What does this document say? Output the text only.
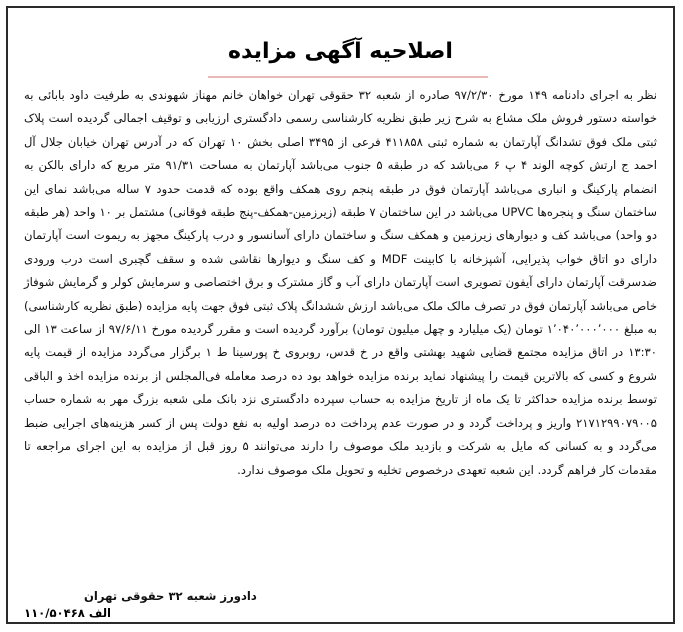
اصلاحیه آگهی مزایده
نظر به اجرای دادنامه ۱۴۹ مورخ ۹۷/۲/۳۰ صادره از شعبه ۳۲ حقوقی تهران خواهان خانم مهناز شهوندی به طرفیت داود بابائی به خواسته دستور فروش ملک مشاع به شرح زیر طبق نظریه کارشناسی رسمی دادگستری ارزیابی و توقیف اجمالی گردیده است پلاک ثبتی ملک فوق تشدانگ آپارتمان به شماره ثبتی ۴۱۱۸۵۸ فرعی از ۳۴۹۵ اصلی بخش ۱۰ تهران که در آدرس تهران خیابان جلال آل احمد ج ارتش کوچه الوند ۴ پ ۶ می‌باشد که در طبقه ۵ جنوب می‌باشد آپارتمان به مساحت ۹۱/۳۱ متر مربع که دارای بالکن به انضمام پارکینگ و انباری می‌باشد آپارتمان فوق در طبقه پنجم روی همکف واقع بوده که قدمت حدود ۷ ساله می‌باشد نمای این ساختمان سنگ و پنجره‌ها UPVC می‌باشد در این ساختمان ۷ طبقه (زیرزمین-همکف-پنج طبقه فوقانی) مشتمل بر ۱۰ واحد (هر طبقه دو واحد) می‌باشد کف و دیوارهای زیرزمین و همکف سنگ و ساختمان دارای آسانسور و درب پارکینگ مجهز به ریموت است آپارتمان دارای دو اتاق خواب پذیرایی، آشپزخانه با کابینت MDF و کف سنگ و دیوارها نقاشی شده و سقف گچبری است درب ورودی ضدسرقت آپارتمان دارای آیفون تصویری است آپارتمان دارای آب و گاز مشترک و برق اختصاصی و سرمایش کولر و گرمایش شوفاژ خاص می‌باشد آپارتمان فوق در تصرف مالک ملک می‌باشد ارزش ششدانگ پلاک ثبتی فوق جهت پایه مزایده (طبق نظریه کارشناسی) به مبلغ ۱٬۰۴۰٬۰۰۰٬۰۰۰ تومان (یک میلیارد و چهل میلیون تومان) برآورد گردیده است و مقرر گردیده مورخ ۹۷/۶/۱۱ از ساعت ۱۳ الی ۱۳:۳۰ در اتاق مزایده مجتمع قضایی شهید بهشتی واقع در خ قدس، روبروی خ پورسینا ط ۱ برگزار می‌گردد مزایده از قیمت پایه شروع و کسی که بالاترین قیمت را پیشنهاد نماید برنده مزایده خواهد بود ده درصد معامله فی‌المجلس از برنده مزایده اخذ و الباقی توسط برنده مزایده حداکثر تا یک ماه از تاریخ مزایده به حساب سپرده دادگستری نزد بانک ملی شعبه بزرگ مهر به شماره حساب ۲۱۷۱۲۹۹۰۷۹۰۰۵ واریز و پرداخت گردد و در صورت عدم پرداخت ده درصد اولیه به نفع دولت پس از کسر هزینه‌های اجرایی ضبط می‌گردد و به کسانی که مایل به شرکت و بازدید ملک موصوف را دارند می‌توانند ۵ روز قبل از مزایده به این اجرای مراجعه تا مقدمات کار فراهم گردد. این شعبه تعهدی درخصوص تخلیه و تحویل ملک موصوف ندارد.
دادورز شعبه ۳۲ حقوقی تهران
۱۱۰/۵۰۴۶۸ الف
